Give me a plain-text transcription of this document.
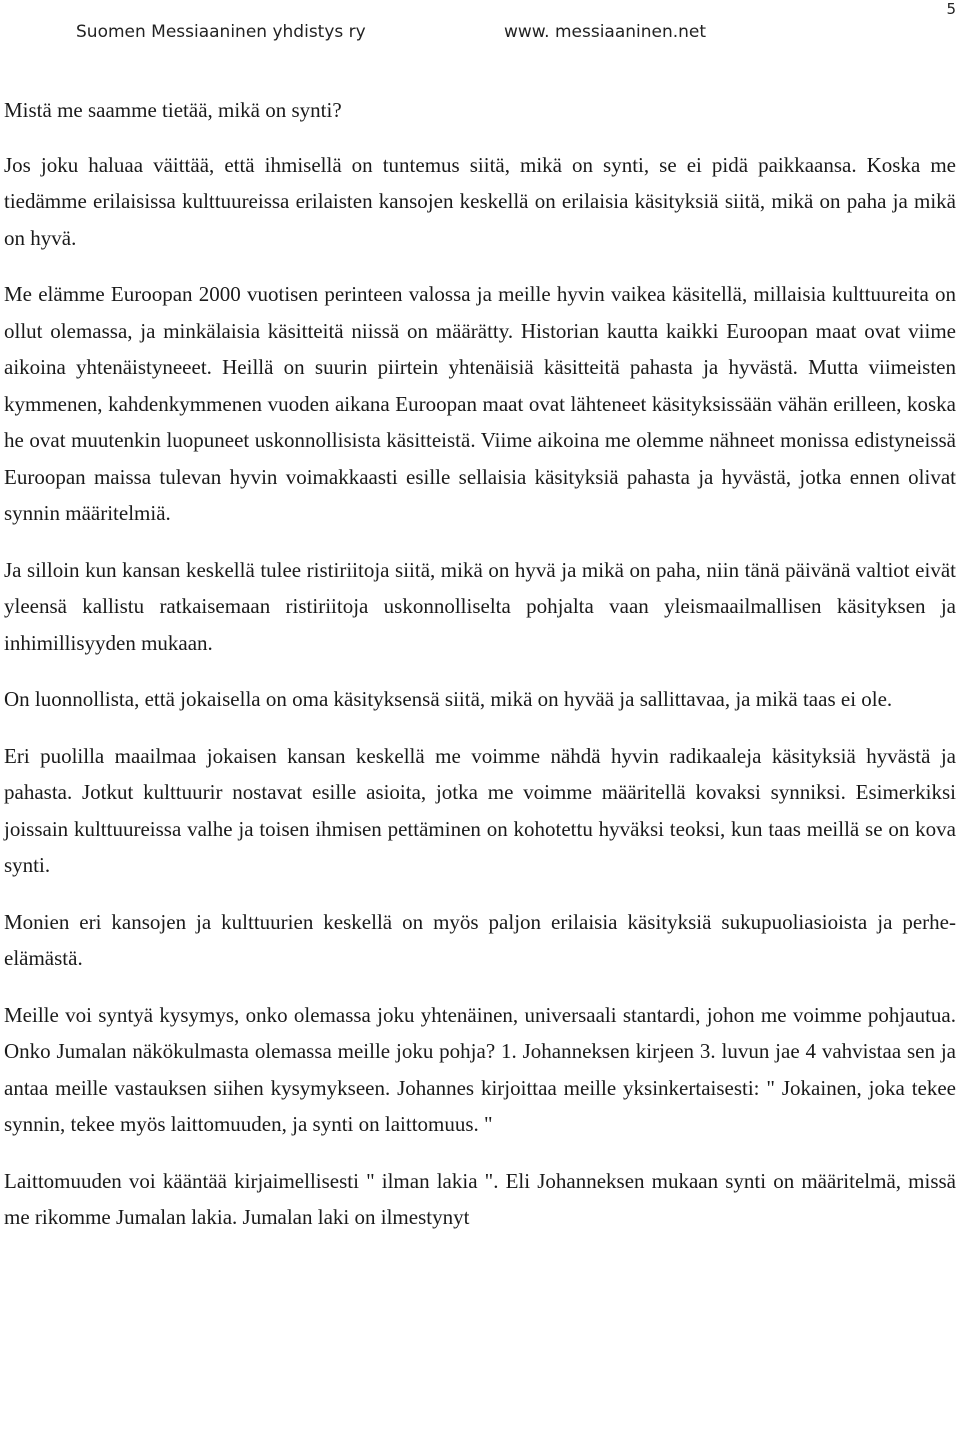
5
Suomen Messiaaninen yhdistys ry	www. messiaaninen.net

Mistä me saamme tietää, mikä on synti?

Jos joku haluaa väittää, että ihmisellä on tuntemus siitä, mikä on synti, se ei pidä paikkaansa. Koska me tiedämme erilaisissa kulttuureissa erilaisten kansojen keskellä on erilaisia käsityksiä siitä, mikä on paha ja mikä on hyvä.

Me elämme Euroopan 2000 vuotisen perinteen valossa ja meille hyvin vaikea käsitellä, millaisia kulttuureita on ollut olemassa, ja minkälaisia käsitteitä niissä on määrätty. Historian kautta kaikki Euroopan maat ovat viime aikoina yhtenäistyneeet. Heillä on suurin piirtein yhtenäisiä käsitteitä pahasta ja hyvästä. Mutta viimeisten kymmenen, kahdenkymmenen vuoden aikana Euroopan maat ovat lähteneet käsityksissään vähän erilleen, koska he ovat muutenkin luopuneet uskonnollisista käsitteistä. Viime aikoina me olemme nähneet monissa edistyneissä Euroopan maissa tulevan hyvin voimakkaasti esille sellaisia käsityksiä pahasta ja hyvästä, jotka ennen olivat synnin määritelmiä.

Ja silloin kun kansan keskellä tulee ristiriitoja siitä, mikä on hyvä ja mikä on paha, niin tänä päivänä valtiot eivät yleensä kallistu ratkaisemaan ristiriitoja uskonnolliselta pohjalta vaan yleismaailmallisen käsityksen ja inhimillisyyden mukaan.

On luonnollista, että jokaisella on oma käsityksensä siitä, mikä on hyvää ja sallittavaa, ja mikä taas ei ole.

Eri puolilla maailmaa jokaisen kansan keskellä me voimme nähdä hyvin radikaaleja käsityksiä hyvästä ja pahasta. Jotkut kulttuurir nostavat esille asioita, jotka me voimme määritellä kovaksi synniksi. Esimerkiksi joissain kulttuureissa valhe ja toisen ihmisen pettäminen on kohotettu hyväksi teoksi, kun taas meillä se on kova synti.

Monien eri kansojen ja kulttuurien keskellä on myös paljon erilaisia käsityksiä sukupuoliasioista ja perhe-elämästä.

Meille voi syntyä kysymys, onko olemassa joku yhtenäinen, universaali stantardi, johon me voimme pohjautua. Onko Jumalan näkökulmasta olemassa meille joku pohja? 1. Johanneksen kirjeen 3. luvun jae 4 vahvistaa sen ja antaa meille vastauksen siihen kysymykseen. Johannes kirjoittaa meille yksinkertaisesti: " Jokainen, joka tekee synnin, tekee myös laittomuuden, ja synti on laittomuus. "

Laittomuuden voi kääntää kirjaimellisesti " ilman lakia ". Eli Johanneksen mukaan synti on määritelmä, missä me rikomme Jumalan lakia. Jumalan laki on ilmestynyt
